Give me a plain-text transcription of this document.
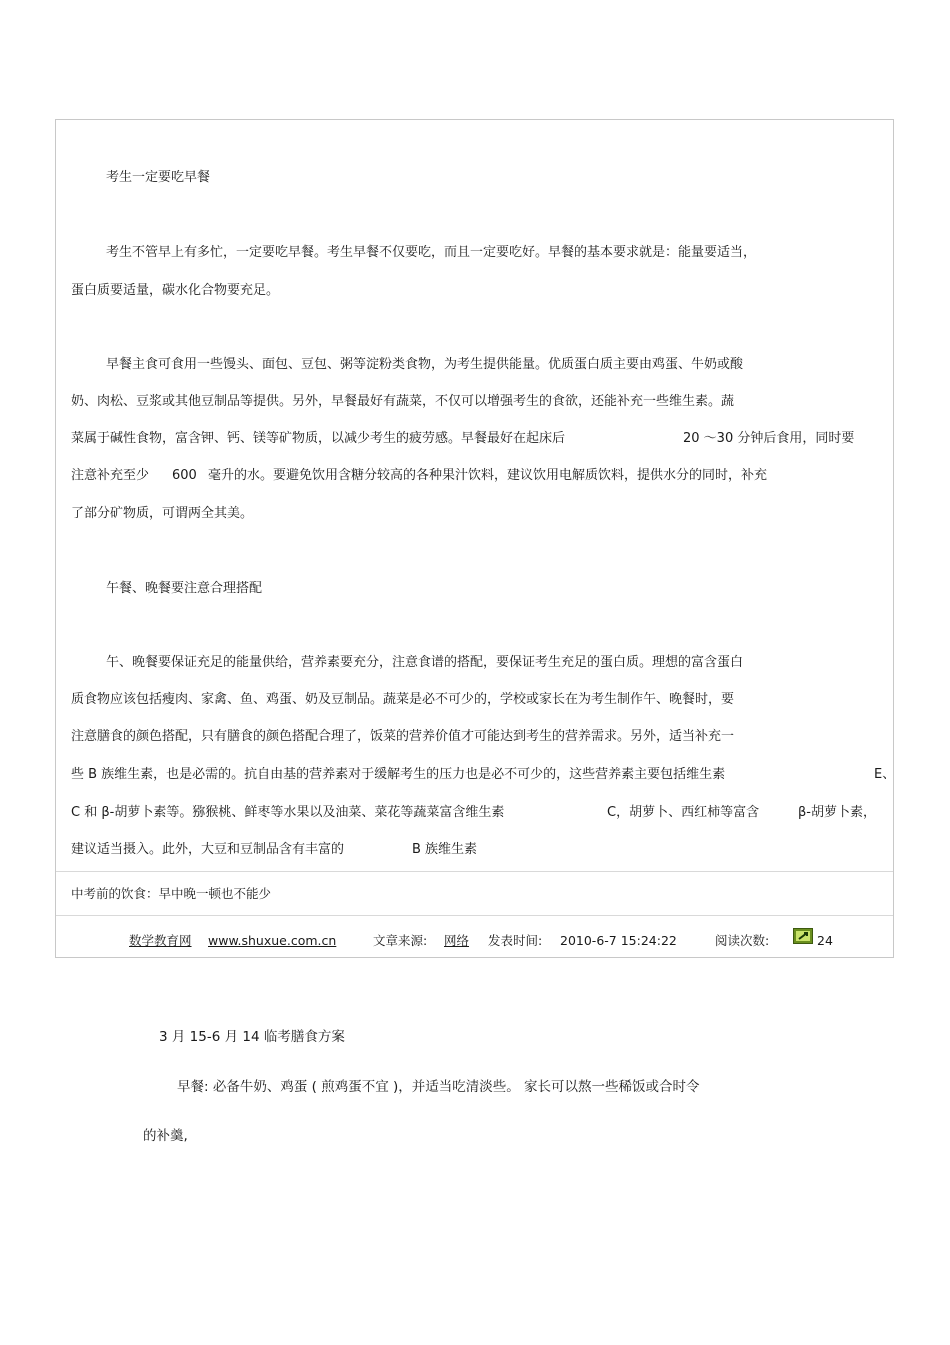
考生一定要吃早餐
考生不管早上有多忙，一定要吃早餐。考生早餐不仅要吃，而且一定要吃好。早餐的基本要求就是：能量要适当，
蛋白质要适量，碳水化合物要充足。
早餐主食可食用一些馒头、面包、豆包、粥等淀粉类食物，为考生提供能量。优质蛋白质主要由鸡蛋、牛奶或酸
奶、肉松、豆浆或其他豆制品等提供。另外，早餐最好有蔬菜，不仅可以增强考生的食欲，还能补充一些维生素。蔬
菜属于碱性食物，富含钾、钙、镁等矿物质，以减少考生的疲劳感。早餐最好在起床后	20 ～30 分钟后食用，同时要
注意补充至少 600 毫升的水。要避免饮用含糖分较高的各种果汁饮料，建议饮用电解质饮料，提供水分的同时，补充
了部分矿物质，可谓两全其美。
午餐、晚餐要注意合理搭配
午、晚餐要保证充足的能量供给，营养素要充分，注意食谱的搭配，要保证考生充足的蛋白质。理想的富含蛋白
质食物应该包括瘦肉、家禽、鱼、鸡蛋、奶及豆制品。蔬菜是必不可少的，学校或家长在为考生制作午、晚餐时，要
注意膳食的颜色搭配，只有膳食的颜色搭配合理了，饭菜的营养价值才可能达到考生的营养需求。另外，适当补充一
些 B 族维生素，也是必需的。抗自由基的营养素对于缓解考生的压力也是必不可少的，这些营养素主要包括维生素	E、
C 和 β-胡萝卜素等。猕猴桃、鲜枣等水果以及油菜、菜花等蔬菜富含维生素	C，胡萝卜、西红柿等富含	β-胡萝卜素，
建议适当摄入。此外，大豆和豆制品含有丰富的	B 族维生素
中考前的饮食：早中晚一顿也不能少
数学教育网 www.shuxue.com.cn	文章来源: 网络 发表时间: 2010-6-7 15:24:22	阅读次数:	24
3 月 15-6 月 14 临考膳食方案
早餐: 必备牛奶、鸡蛋 ( 煎鸡蛋不宜 )，并适当吃清淡些。 家长可以熬一些稀饭或合时令
的补羹,
